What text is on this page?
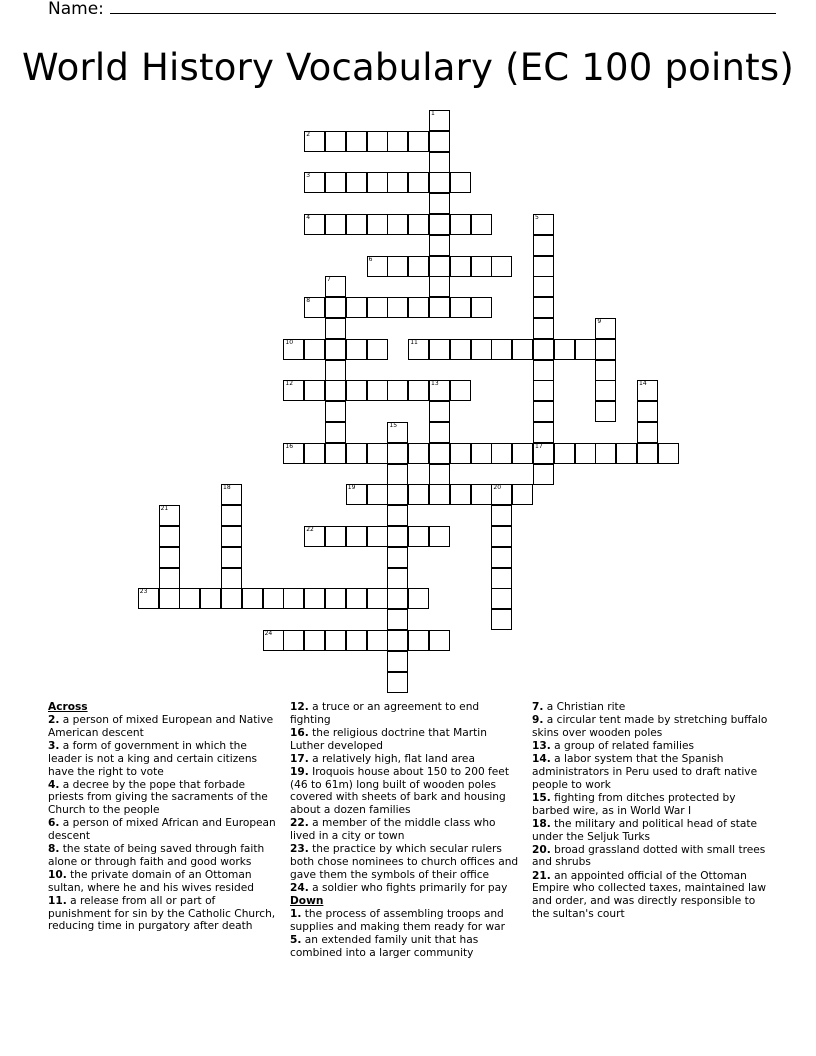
Name:
World History Vocabulary (EC 100 points)
1
2
3
4	5
17
6
7
8
9
10	11
12	13	14
15
16
18	19	20
21
22
23
24

Across

2. a person of mixed European and Native American descent

3. a form of government in which the leader is not a king and certain citizens have the right to vote

4. a decree by the pope that forbade priests from giving the sacraments of the Church to the people

6. a person of mixed African and European descent

8. the state of being saved through faith alone or through faith and good works

10. the private domain of an Ottoman sultan, where he and his wives resided

11. a release from all or part of punishment for sin by the Catholic Church, reducing time in purgatory after death

12. a truce or an agreement to end fighting

16. the religious doctrine that Martin Luther developed

17. a relatively high, flat land area

19. Iroquois house about 150 to 200 feet (46 to 61m) long built of wooden poles covered with sheets of bark and housing about a dozen families

22. a member of the middle class who lived in a city or town

23. the practice by which secular rulers both chose nominees to church offices and gave them the symbols of their office

24. a soldier who fights primarily for pay

Down

1. the process of assembling troops and supplies and making them ready for war

5. an extended family unit that has combined into a larger community

7. a Christian rite

9. a circular tent made by stretching buffalo skins over wooden poles

13. a group of related families

14. a labor system that the Spanish administrators in Peru used to draft native people to work

15. fighting from ditches protected by barbed wire, as in World War I

18. the military and political head of state under the Seljuk Turks

20. broad grassland dotted with small trees and shrubs

21. an appointed official of the Ottoman Empire who collected taxes, maintained law and order, and was directly responsible to the sultan's court
